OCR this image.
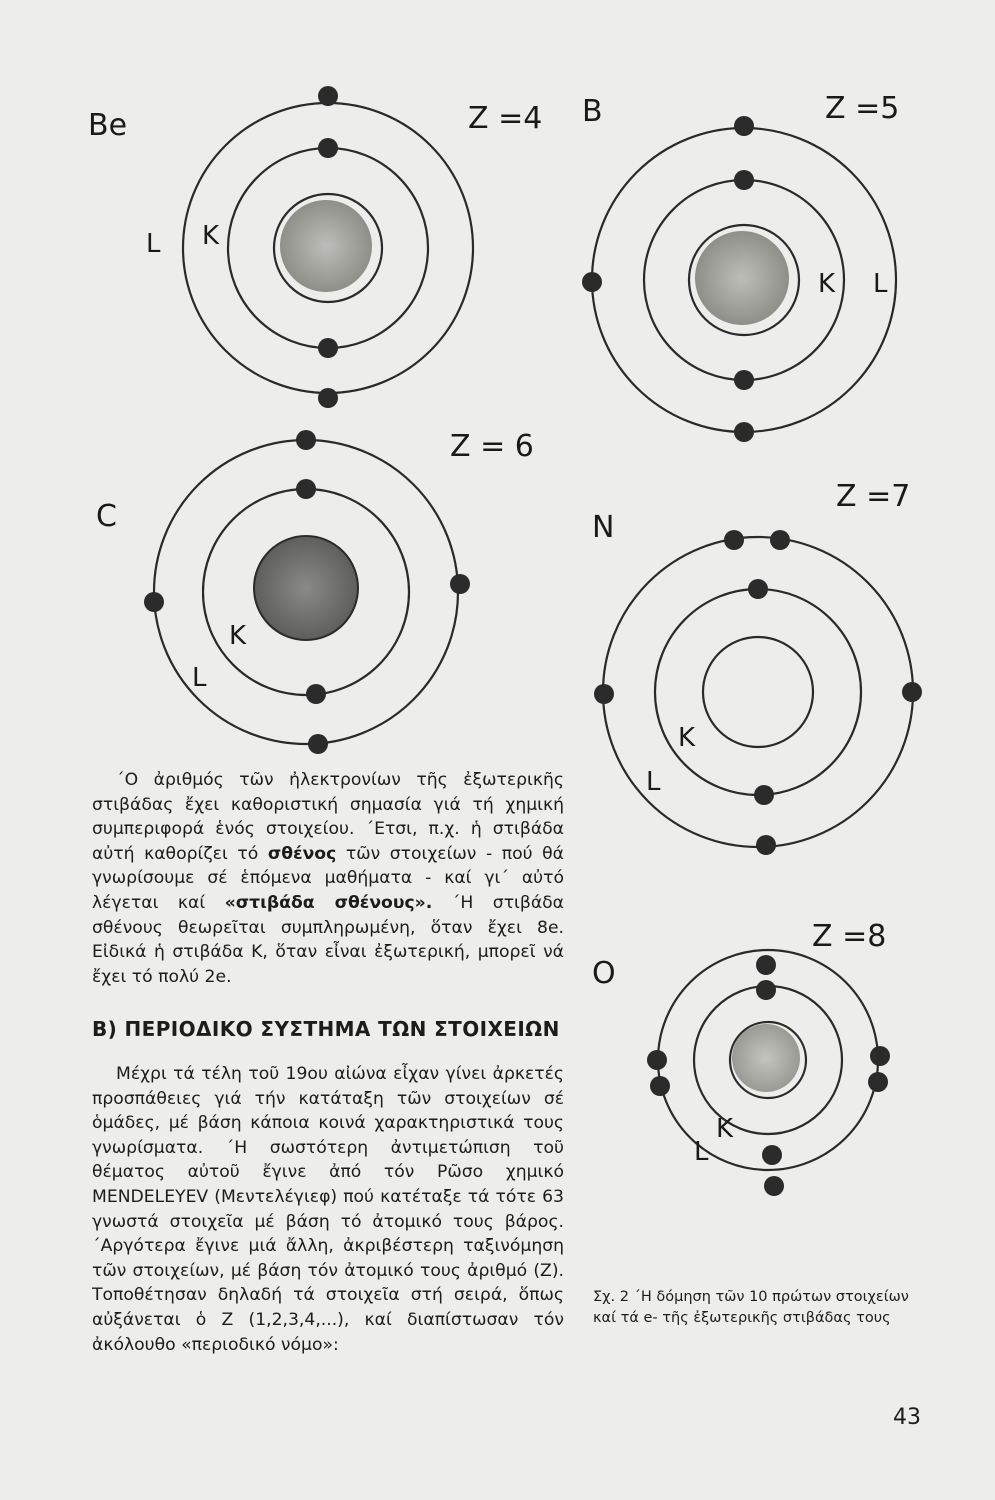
Be	Z =4
L K
B	Z =5
K L
C
Z = 6
K
L
N
Z =7
K
L
O
Z =8
K
L
΄Ο ἀριθμός τῶν ἠλεκτρονίων τῆς ἐξωτερικῆς στιβάδας ἔχει καθοριστική σημασία γιά τή χημική συμπεριφορά ἑνός στοιχείου. ΄Ετσι, π.χ. ἡ στιβάδα αὐτή καθορίζει τό σθένος τῶν στοιχείων - πού θά γνωρίσουμε σέ ἑπόμενα μαθήματα - καί γι΄ αὐτό λέγεται καί «στιβάδα σθένους». ΄Η στιβάδα σθένους θεωρεῖται συμπληρωμένη, ὅταν ἔχει 8e. Εἰδικά ἡ στιβάδα Κ, ὅταν εἶναι ἐξωτερική, μπορεῖ νά ἔχει τό πολύ 2e.
Β) ΠΕΡΙΟΔΙΚΟ ΣΥΣΤΗΜΑ ΤΩΝ ΣΤΟΙΧΕΙΩΝ
Μέχρι τά τέλη τοῦ 19ου αἰώνα εἶχαν γίνει ἀρκετές προσπάθειες γιά τήν κατάταξη τῶν στοιχείων σέ ὁμάδες, μέ βάση κάποια κοινά χαρακτηριστικά τους γνωρίσματα. ΄Η σωστότερη ἀντιμετώπιση τοῦ θέματος αὐτοῦ ἔγινε ἀπό τόν Ρῶσο χημικό MENDELEYEV (Μεντελέγιεφ) πού κατέταξε τά τότε 63 γνωστά στοιχεῖα μέ βάση τό ἀτομικό τους βάρος. ΄Αργότερα ἔγινε μιά ἄλλη, ἀκριβέστερη ταξινόμηση τῶν στοιχείων, μέ βάση τόν ἀτομικό τους ἀριθμό (Ζ). Τοποθέτησαν δηλαδή τά στοιχεῖα στή σειρά, ὅπως αὐξάνεται ὁ Ζ (1,2,3,4,...), καί διαπίστωσαν τόν ἀκόλουθο «περιοδικό νόμο»:
Σχ. 2 ΄Η δόμηση τῶν 10 πρώτων στοιχείων καί τά e- τῆς ἐξωτερικῆς στιβάδας τους
43
